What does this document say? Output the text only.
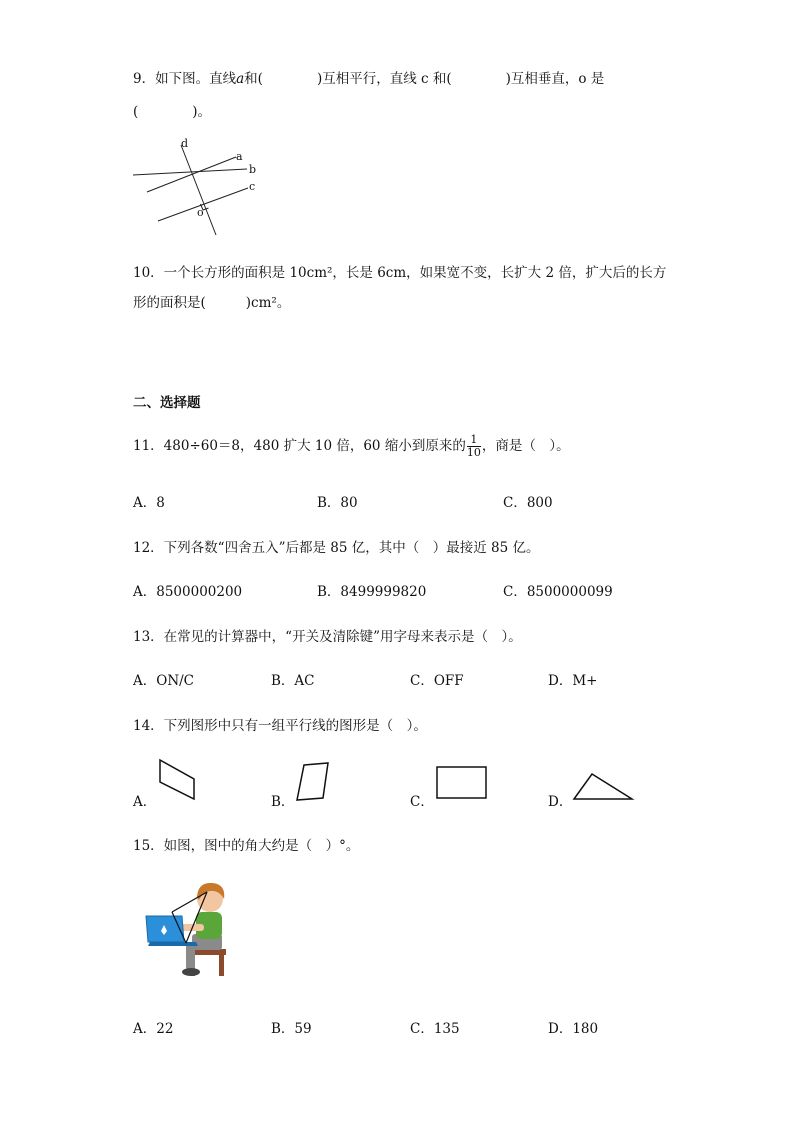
9．如下图。直线a和(	)互相平行，直线 c 和(	)互相垂直，o 是
(	)。
d
a
b
c
o
10．一个长方形的面积是 10cm²，长是 6cm，如果宽不变，长扩大 2 倍，扩大后的长方
形的面积是(	)cm²。
二、选择题
11．480÷60＝8，480 扩大 10 倍，60 缩小到原来的 $\frac{1}{10}$ ，商是（　）。
A．8	B．80	C．800
12．下列各数“四舍五入”后都是 85 亿，其中（　）最接近 85 亿。
A．8500000200	B．8499999820	C．8500000099
13．在常见的计算器中，“开关及清除键”用字母来表示是（　）。
A．ON/C	B．AC	C．OFF	D．M+
14．下列图形中只有一组平行线的图形是（　）。
A．	B．	C．	D．
15．如图，图中的角大约是（　）°。
A．22	B．59	C．135	D．180
